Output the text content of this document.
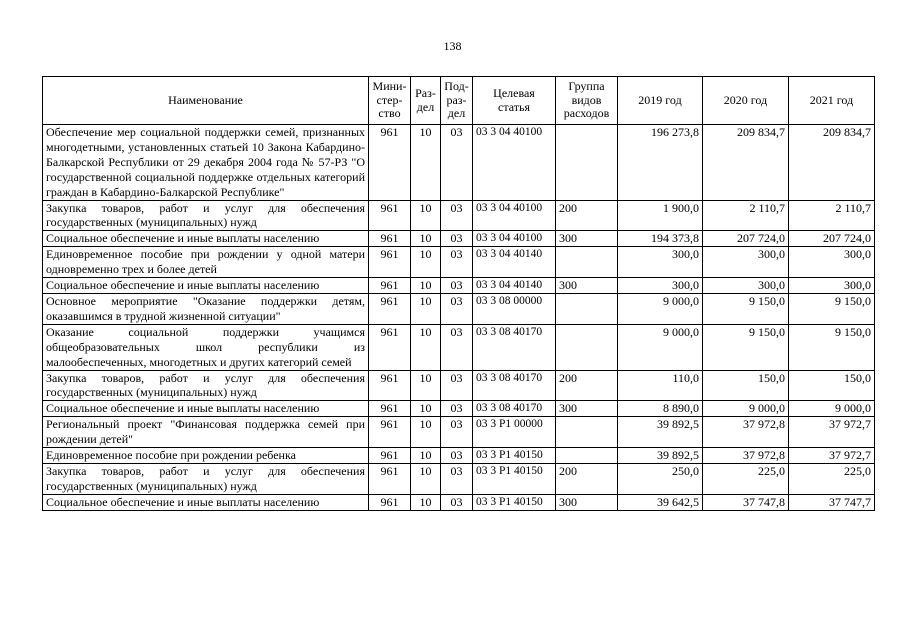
138
Наименование	Мини-
стер-
ство	Раз-
дел	Под-
раз-
дел	Целевая
статья	Группа
видов
расходов	2019 год	2020 год	2021 год
Обеспечение мер социальной поддержки семей, признанных многодетными, установленных статьей 10 Закона Кабардино-Балкарской Республики от 29 декабря 2004 года № 57-РЗ "О государственной социальной поддержке отдельных категорий граждан в Кабардино-Балкарской Республике"	961	10	03	03 3 04 40100		196 273,8	209 834,7	209 834,7
Закупка товаров, работ и услуг для обеспечения государственных (муниципальных) нужд	961	10	03	03 3 04 40100	200	1 900,0	2 110,7	2 110,7
Социальное обеспечение и иные выплаты населению	961	10	03	03 3 04 40100	300	194 373,8	207 724,0	207 724,0
Единовременное пособие при рождении у одной матери одновременно трех и более детей	961	10	03	03 3 04 40140		300,0	300,0	300,0
Социальное обеспечение и иные выплаты населению	961	10	03	03 3 04 40140	300	300,0	300,0	300,0
Основное мероприятие "Оказание поддержки детям, оказавшимся в трудной жизненной ситуации"	961	10	03	03 3 08 00000		9 000,0	9 150,0	9 150,0
Оказание социальной поддержки учащимся общеобразовательных школ республики из малообеспеченных, многодетных и других категорий семей	961	10	03	03 3 08 40170		9 000,0	9 150,0	9 150,0
Закупка товаров, работ и услуг для обеспечения государственных (муниципальных) нужд	961	10	03	03 3 08 40170	200	110,0	150,0	150,0
Социальное обеспечение и иные выплаты населению	961	10	03	03 3 08 40170	300	8 890,0	9 000,0	9 000,0
Региональный проект "Финансовая поддержка семей при рождении детей"	961	10	03	03 3 Р1 00000		39 892,5	37 972,8	37 972,7
Единовременное пособие при рождении ребенка	961	10	03	03 3 Р1 40150		39 892,5	37 972,8	37 972,7
Закупка товаров, работ и услуг для обеспечения государственных (муниципальных) нужд	961	10	03	03 3 Р1 40150	200	250,0	225,0	225,0
Социальное обеспечение и иные выплаты населению	961	10	03	03 3 Р1 40150	300	39 642,5	37 747,8	37 747,7
